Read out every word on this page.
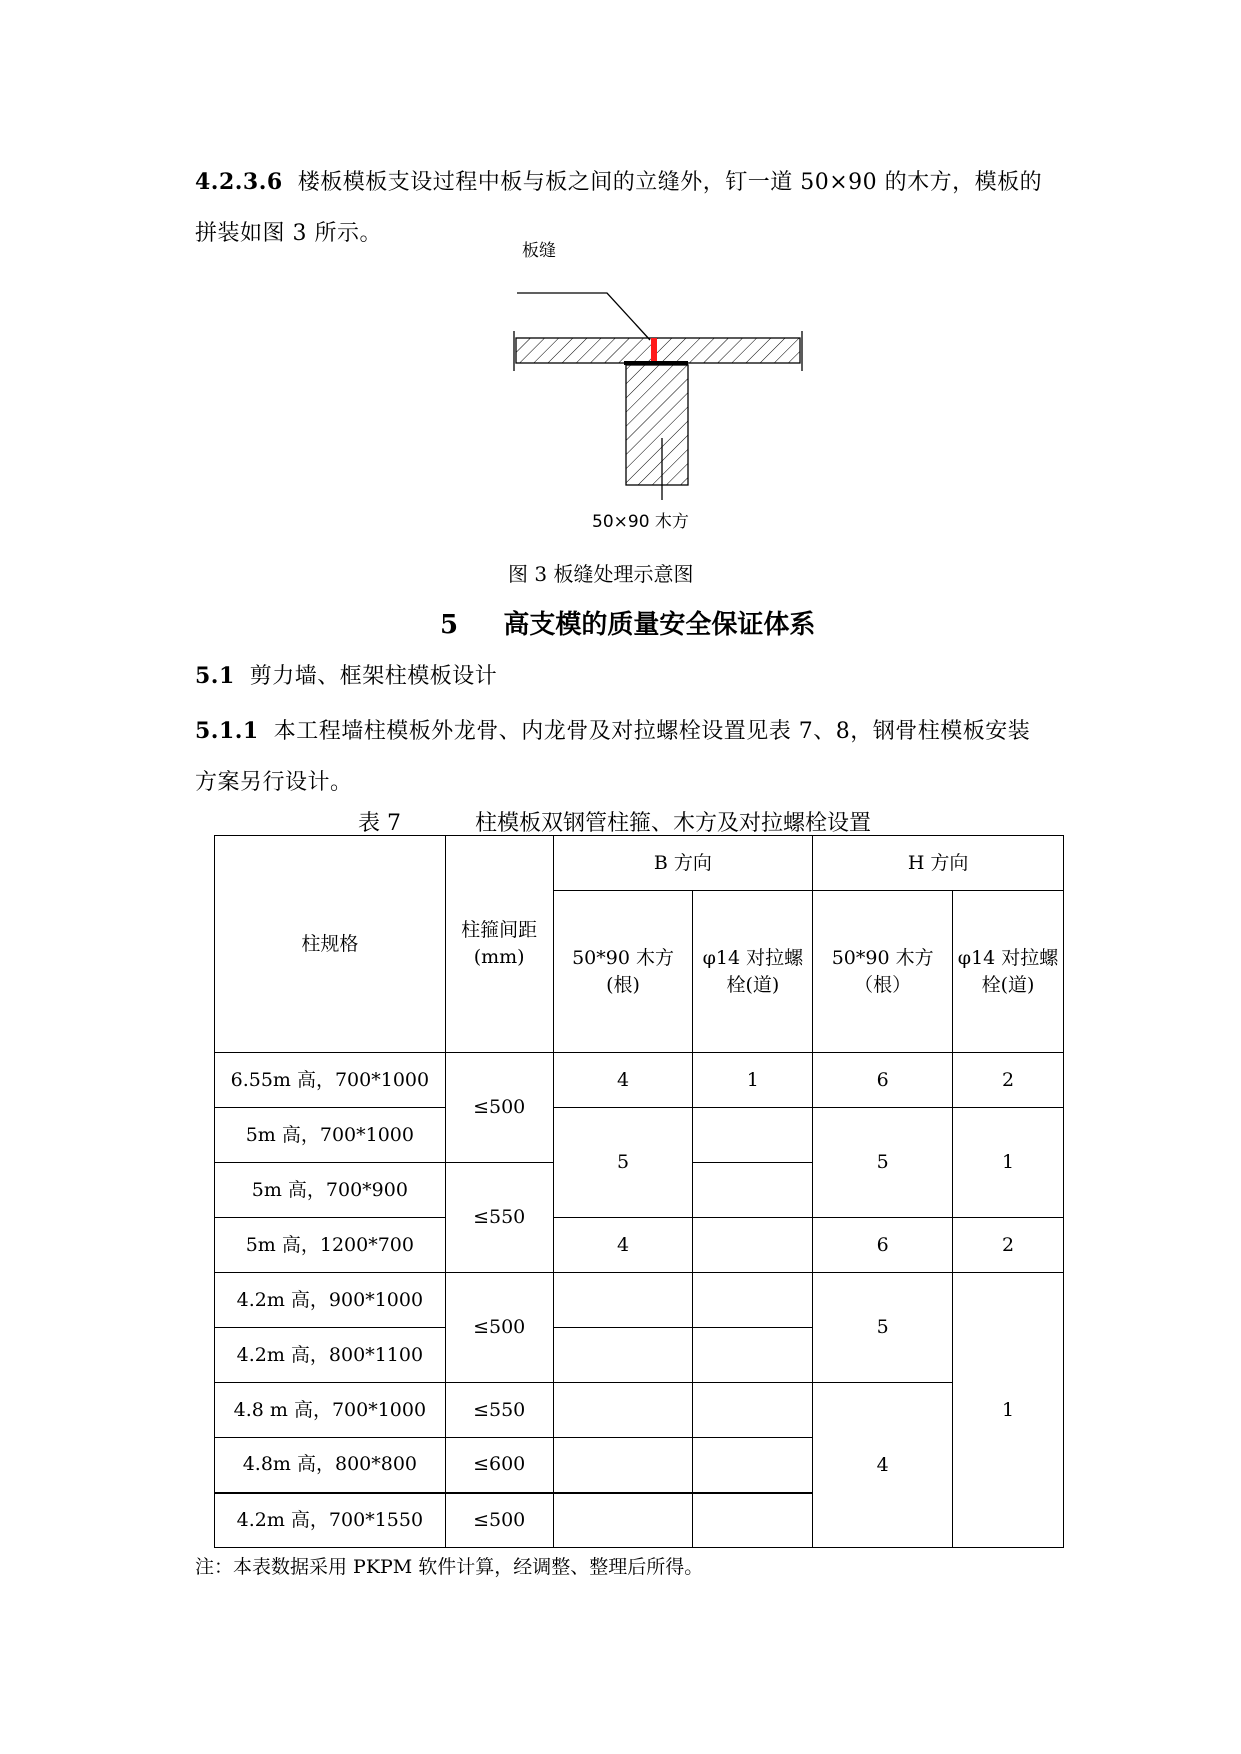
4.2.3.6 楼板模板支设过程中板与板之间的立缝外，钉一道 50×90 的木方，模板的
拼装如图 3 所示。
板缝
50×90 木方
图 3 板缝处理示意图
5 高支模的质量安全保证体系
5.1 剪力墙、框架柱模板设计
5.1.1 本工程墙柱模板外龙骨、内龙骨及对拉螺栓设置见表 7、8，钢骨柱模板安装
方案另行设计。
表 7	柱模板双钢管柱箍、木方及对拉螺栓设置
柱规格	柱箍间距(mm)	B 方向		H 方向	
		50*90 木方(根)	φ14 对拉螺栓(道)	50*90 木方（根）	φ14 对拉螺栓(道)
6.55m 高，700*1000	≤500	4	1	6	2
5m 高，700*1000		5		5	1
5m 高，700*900	≤550				
5m 高，1200*700		4		6	2
4.2m 高，900*1000	≤500			5	1
4.2m 高，800*1100					
4.8 m 高，700*1000	≤550			4	
4.8m 高，800*800	≤600				
4.2m 高，700*1550	≤500				
注：本表数据采用 PKPM 软件计算，经调整、整理后所得。
